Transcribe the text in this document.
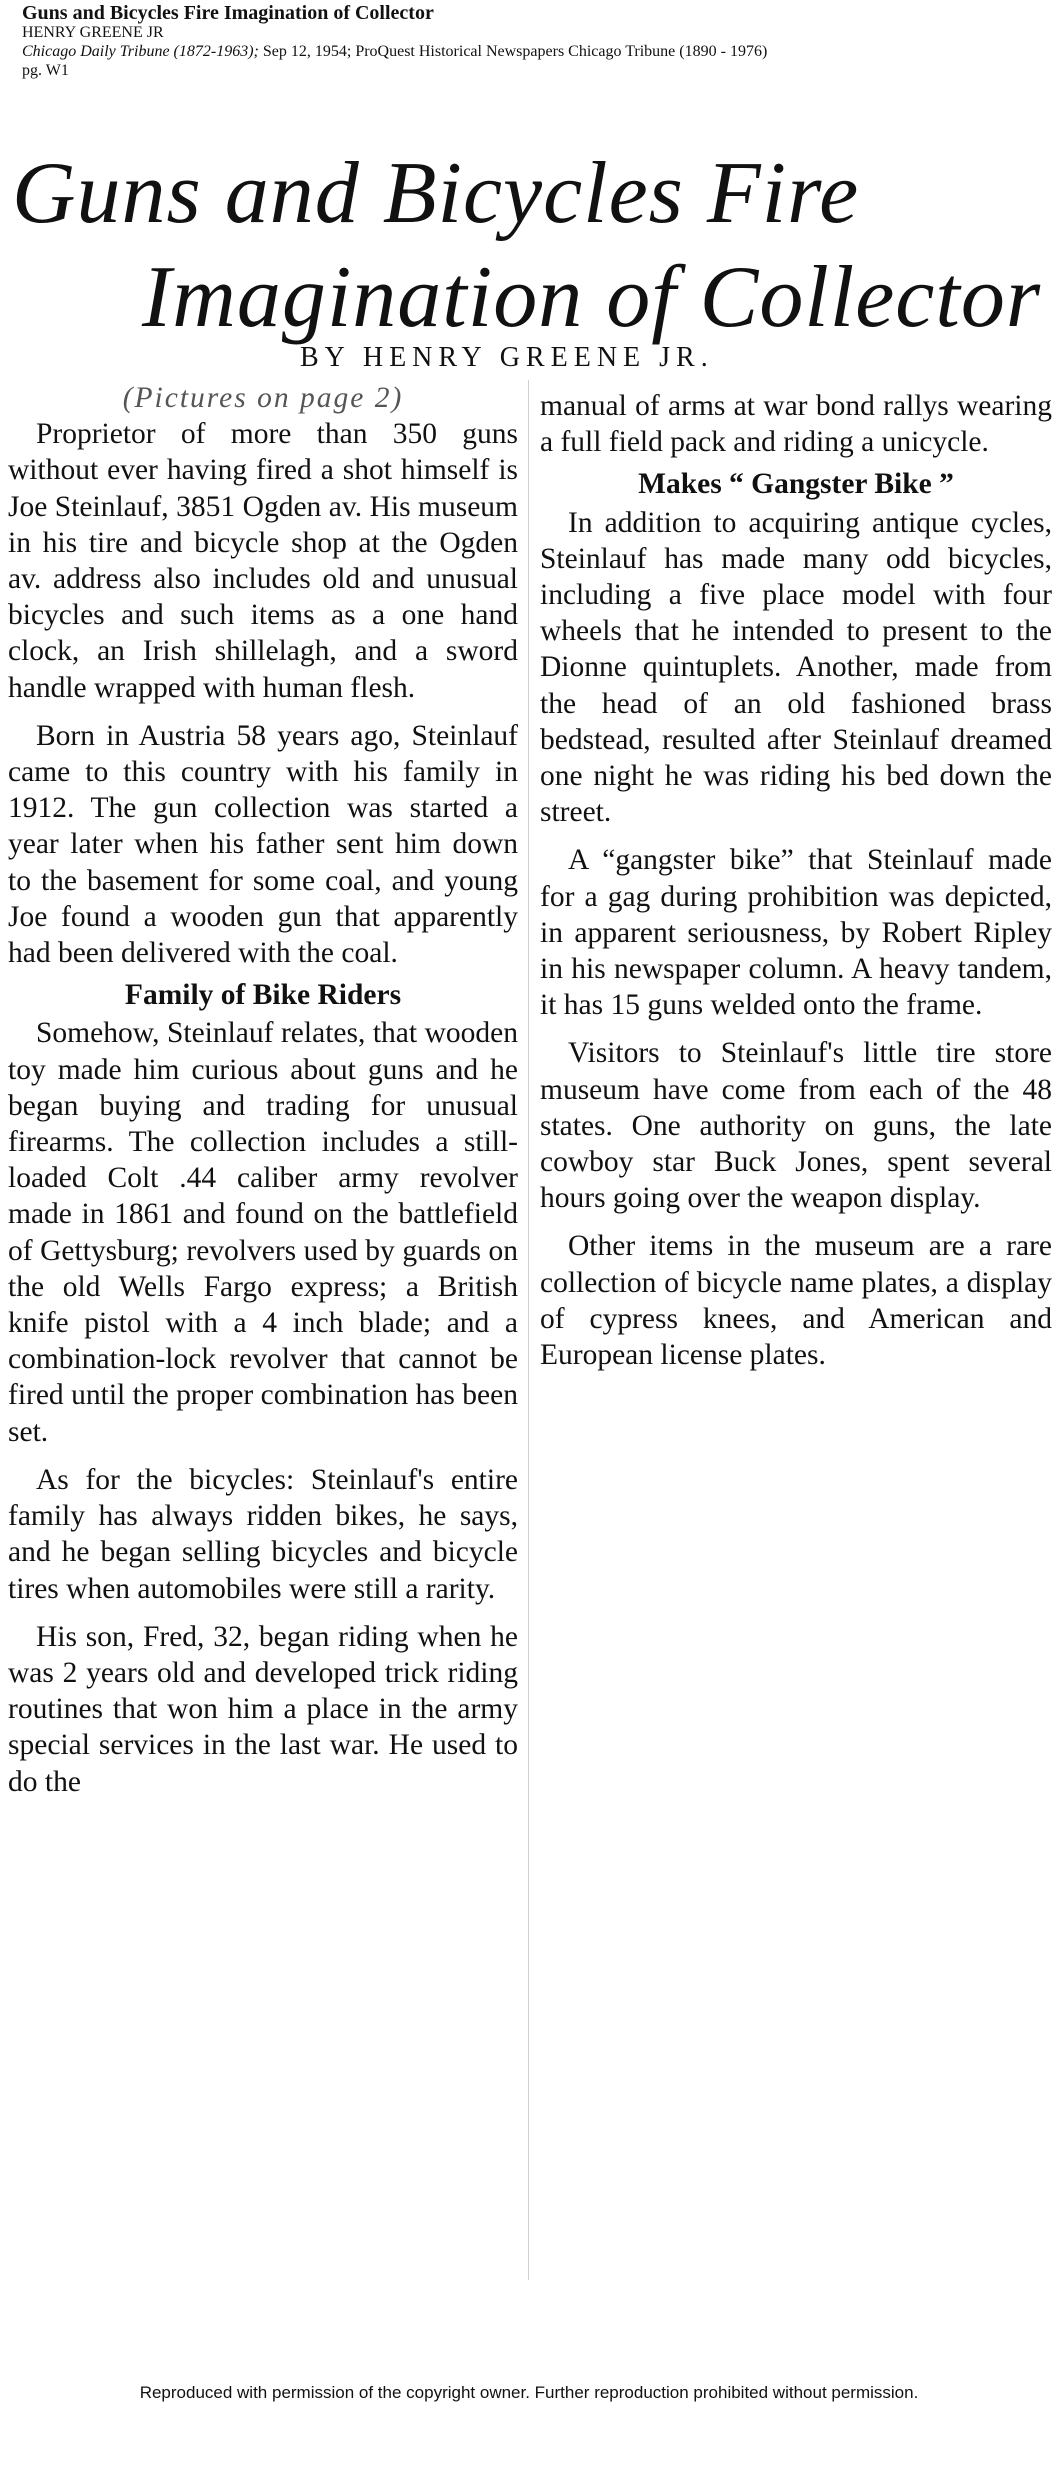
Guns and Bicycles Fire Imagination of Collector
HENRY GREENE JR
Chicago Daily Tribune (1872-1963); Sep 12, 1954; ProQuest Historical Newspapers Chicago Tribune (1890 - 1976)
pg. W1
Guns and Bicycles Fire
Imagination of Collector
BY HENRY GREENE JR.

(Pictures on page 2)

Proprietor of more than 350 guns without ever having fired a shot himself is Joe Steinlauf, 3851 Ogden av. His museum in his tire and bicycle shop at the Ogden av. address also includes old and unusual bicycles and such items as a one hand clock, an Irish shillelagh, and a sword handle wrapped with human flesh.

Born in Austria 58 years ago, Steinlauf came to this country with his family in 1912. The gun collection was started a year later when his father sent him down to the basement for some coal, and young Joe found a wooden gun that apparently had been delivered with the coal.

Family of Bike Riders

Somehow, Steinlauf relates, that wooden toy made him curious about guns and he began buying and trading for unusual firearms. The collection includes a still-loaded Colt .44 caliber army revolver made in 1861 and found on the battlefield of Gettysburg; revolvers used by guards on the old Wells Fargo express; a British knife pistol with a 4 inch blade; and a combination-lock revolver that cannot be fired until the proper combination has been set.

As for the bicycles: Steinlauf's entire family has always ridden bikes, he says, and he began selling bicycles and bicycle tires when automobiles were still a rarity.

His son, Fred, 32, began riding when he was 2 years old and developed trick riding routines that won him a place in the army special services in the last war. He used to do the

manual of arms at war bond rallys wearing a full field pack and riding a unicycle.

Makes “ Gangster Bike ”

In addition to acquiring antique cycles, Steinlauf has made many odd bicycles, including a five place model with four wheels that he intended to present to the Dionne quintuplets. Another, made from the head of an old fashioned brass bedstead, resulted after Steinlauf dreamed one night he was riding his bed down the street.

A “gangster bike” that Steinlauf made for a gag during prohibition was depicted, in apparent seriousness, by Robert Ripley in his newspaper column. A heavy tandem, it has 15 guns welded onto the frame.

Visitors to Steinlauf's little tire store museum have come from each of the 48 states. One authority on guns, the late cowboy star Buck Jones, spent several hours going over the weapon display.

Other items in the museum are a rare collection of bicycle name plates, a display of cypress knees, and American and European license plates.

Reproduced with permission of the copyright owner. Further reproduction prohibited without permission.
